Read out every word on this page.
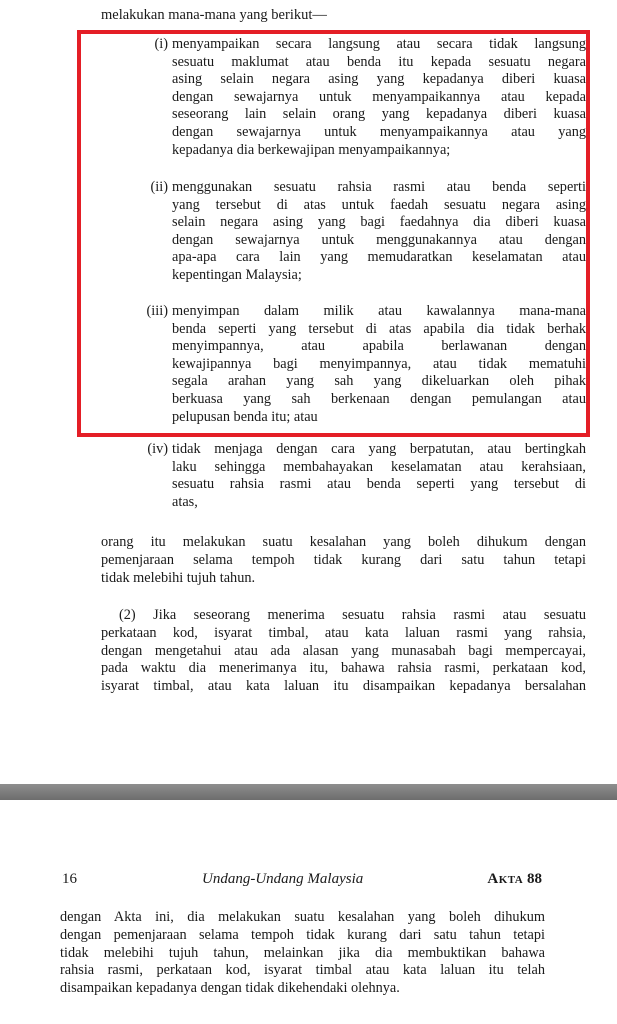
melakukan mana-mana yang berikut—
(i) menyampaikan secara langsung atau secara tidak langsung
sesuatu maklumat atau benda itu kepada sesuatu negara
asing selain negara asing yang kepadanya diberi kuasa
dengan sewajarnya untuk menyampaikannya atau kepada
seseorang lain selain orang yang kepadanya diberi kuasa
dengan sewajarnya untuk menyampaikannya atau yang
kepadanya dia berkewajipan menyampaikannya;
(ii) menggunakan sesuatu rahsia rasmi atau benda seperti
yang tersebut di atas untuk faedah sesuatu negara asing
selain negara asing yang bagi faedahnya dia diberi kuasa
dengan sewajarnya untuk menggunakannya atau dengan
apa-apa cara lain yang memudaratkan keselamatan atau
kepentingan Malaysia;
(iii) menyimpan dalam milik atau kawalannya mana-mana
benda seperti yang tersebut di atas apabila dia tidak berhak
menyimpannya, atau apabila berlawanan dengan
kewajipannya bagi menyimpannya, atau tidak mematuhi
segala arahan yang sah yang dikeluarkan oleh pihak
berkuasa yang sah berkenaan dengan pemulangan atau
pelupusan benda itu; atau
(iv) tidak menjaga dengan cara yang berpatutan, atau bertingkah
laku sehingga membahayakan keselamatan atau kerahsiaan,
sesuatu rahsia rasmi atau benda seperti yang tersebut di
atas,
orang itu melakukan suatu kesalahan yang boleh dihukum dengan
pemenjaraan selama tempoh tidak kurang dari satu tahun tetapi
tidak melebihi tujuh tahun.
(2) Jika seseorang menerima sesuatu rahsia rasmi atau sesuatu
perkataan kod, isyarat timbal, atau kata laluan rasmi yang rahsia,
dengan mengetahui atau ada alasan yang munasabah bagi mempercayai,
pada waktu dia menerimanya itu, bahawa rahsia rasmi, perkataan kod,
isyarat timbal, atau kata laluan itu disampaikan kepadanya bersalahan
16	Undang-Undang Malaysia	Akta 88
dengan Akta ini, dia melakukan suatu kesalahan yang boleh dihukum
dengan pemenjaraan selama tempoh tidak kurang dari satu tahun tetapi
tidak melebihi tujuh tahun, melainkan jika dia membuktikan bahawa
rahsia rasmi, perkataan kod, isyarat timbal atau kata laluan itu telah
disampaikan kepadanya dengan tidak dikehendaki olehnya.
